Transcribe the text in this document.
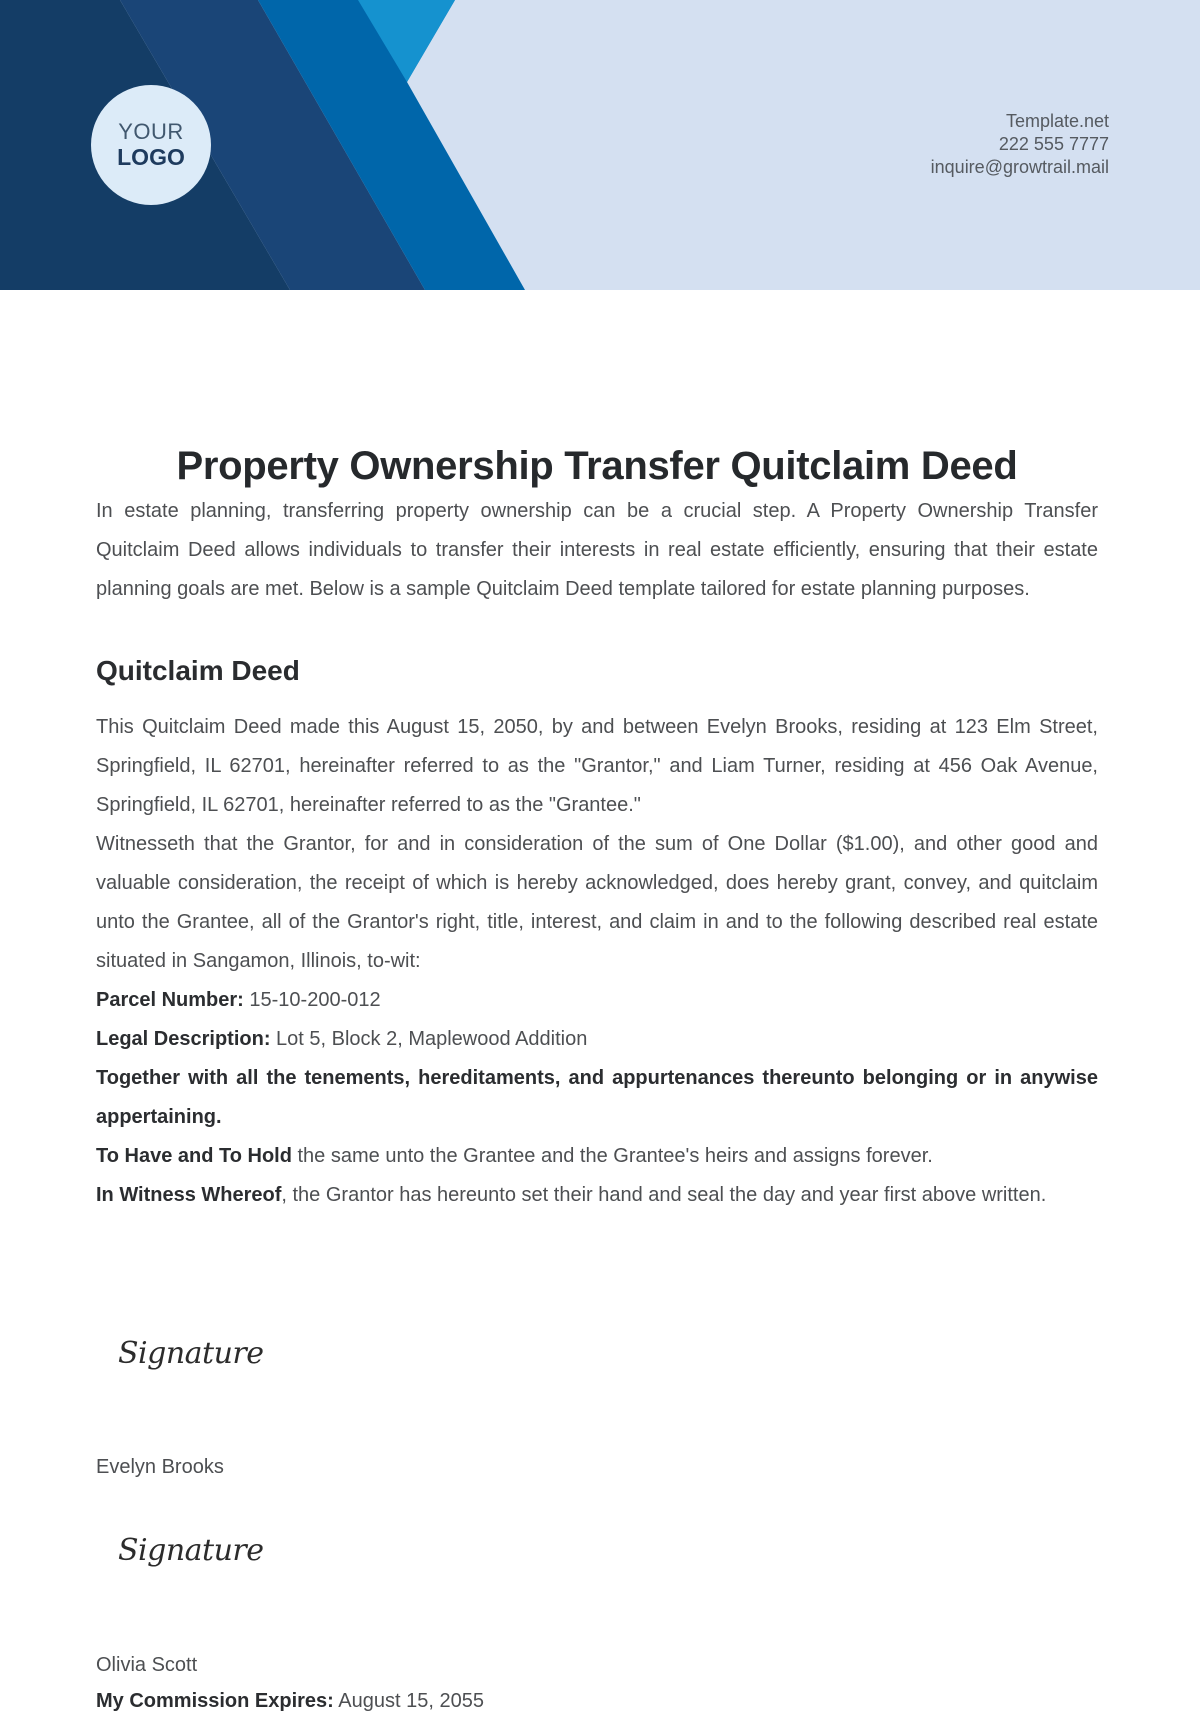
YOUR
LOGO
Template.net
222 555 7777
inquire@growtrail.mail
Property Ownership Transfer Quitclaim Deed

In estate planning, transferring property ownership can be a crucial step. A Property Ownership Transfer Quitclaim Deed allows individuals to transfer their interests in real estate efficiently, ensuring that their estate planning goals are met. Below is a sample Quitclaim Deed template tailored for estate planning purposes.

Quitclaim Deed

This Quitclaim Deed made this August 15, 2050, by and between Evelyn Brooks, residing at 123 Elm Street, Springfield, IL 62701, hereinafter referred to as the "Grantor," and Liam Turner, residing at 456 Oak Avenue, Springfield, IL 62701, hereinafter referred to as the "Grantee."

Witnesseth that the Grantor, for and in consideration of the sum of One Dollar ($1.00), and other good and valuable consideration, the receipt of which is hereby acknowledged, does hereby grant, convey, and quitclaim unto the Grantee, all of the Grantor's right, title, interest, and claim in and to the following described real estate situated in Sangamon, Illinois, to-wit:

Parcel Number: 15-10-200-012

Legal Description: Lot 5, Block 2, Maplewood Addition

Together with all the tenements, hereditaments, and appurtenances thereunto belonging or in anywise appertaining.

To Have and To Hold the same unto the Grantee and the Grantee's heirs and assigns forever.

In Witness Whereof, the Grantor has hereunto set their hand and seal the day and year first above written.

Signature
Evelyn Brooks
Signature
Olivia Scott
My Commission Expires: August 15, 2055
